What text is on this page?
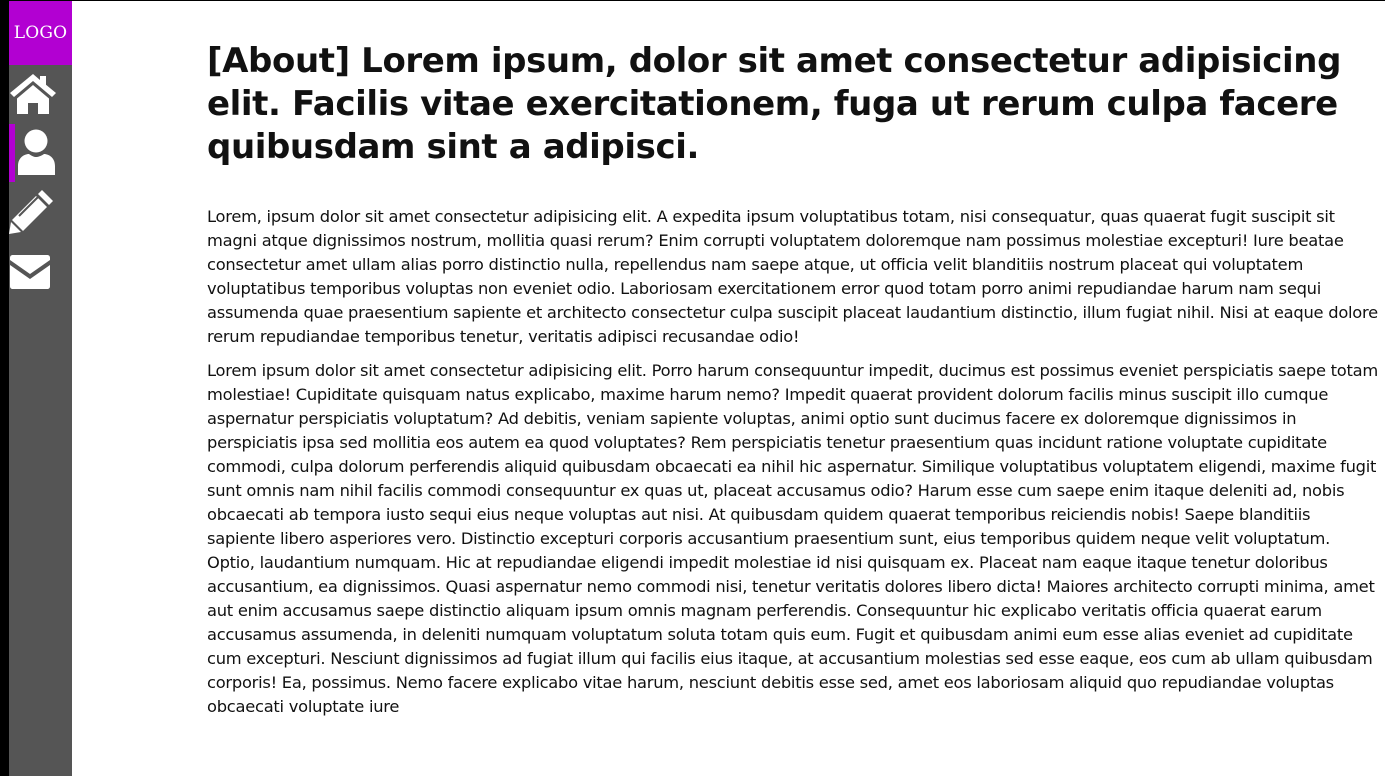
LOGO
[About] Lorem ipsum, dolor sit amet consectetur adipisicing elit. Facilis vitae exercitationem, fuga ut rerum culpa facere quibusdam sint a adipisci.

Lorem, ipsum dolor sit amet consectetur adipisicing elit. A expedita ipsum voluptatibus totam, nisi consequatur, quas quaerat fugit suscipit sit magni atque dignissimos nostrum, mollitia quasi rerum? Enim corrupti voluptatem doloremque nam possimus molestiae excepturi! Iure beatae consectetur amet ullam alias porro distinctio nulla, repellendus nam saepe atque, ut officia velit blanditiis nostrum placeat qui voluptatem voluptatibus temporibus voluptas non eveniet odio. Laboriosam exercitationem error quod totam porro animi repudiandae harum nam sequi assumenda quae praesentium sapiente et architecto consectetur culpa suscipit placeat laudantium distinctio, illum fugiat nihil. Nisi at eaque dolore rerum repudiandae temporibus tenetur, veritatis adipisci recusandae odio!

Lorem ipsum dolor sit amet consectetur adipisicing elit. Porro harum consequuntur impedit, ducimus est possimus eveniet perspiciatis saepe totam molestiae! Cupiditate quisquam natus explicabo, maxime harum nemo? Impedit quaerat provident dolorum facilis minus suscipit illo cumque aspernatur perspiciatis voluptatum? Ad debitis, veniam sapiente voluptas, animi optio sunt ducimus facere ex doloremque dignissimos in perspiciatis ipsa sed mollitia eos autem ea quod voluptates? Rem perspiciatis tenetur praesentium quas incidunt ratione voluptate cupiditate commodi, culpa dolorum perferendis aliquid quibusdam obcaecati ea nihil hic aspernatur. Similique voluptatibus voluptatem eligendi, maxime fugit sunt omnis nam nihil facilis commodi consequuntur ex quas ut, placeat accusamus odio? Harum esse cum saepe enim itaque deleniti ad, nobis obcaecati ab tempora iusto sequi eius neque voluptas aut nisi. At quibusdam quidem quaerat temporibus reiciendis nobis! Saepe blanditiis sapiente libero asperiores vero. Distinctio excepturi corporis accusantium praesentium sunt, eius temporibus quidem neque velit voluptatum. Optio, laudantium numquam. Hic at repudiandae eligendi impedit molestiae id nisi quisquam ex. Placeat nam eaque itaque tenetur doloribus accusantium, ea dignissimos. Quasi aspernatur nemo commodi nisi, tenetur veritatis dolores libero dicta! Maiores architecto corrupti minima, amet aut enim accusamus saepe distinctio aliquam ipsum omnis magnam perferendis. Consequuntur hic explicabo veritatis officia quaerat earum accusamus assumenda, in deleniti numquam voluptatum soluta totam quis eum. Fugit et quibusdam animi eum esse alias eveniet ad cupiditate cum excepturi. Nesciunt dignissimos ad fugiat illum qui facilis eius itaque, at accusantium molestias sed esse eaque, eos cum ab ullam quibusdam corporis! Ea, possimus. Nemo facere explicabo vitae harum, nesciunt debitis esse sed, amet eos laboriosam aliquid quo repudiandae voluptas obcaecati voluptate iure
